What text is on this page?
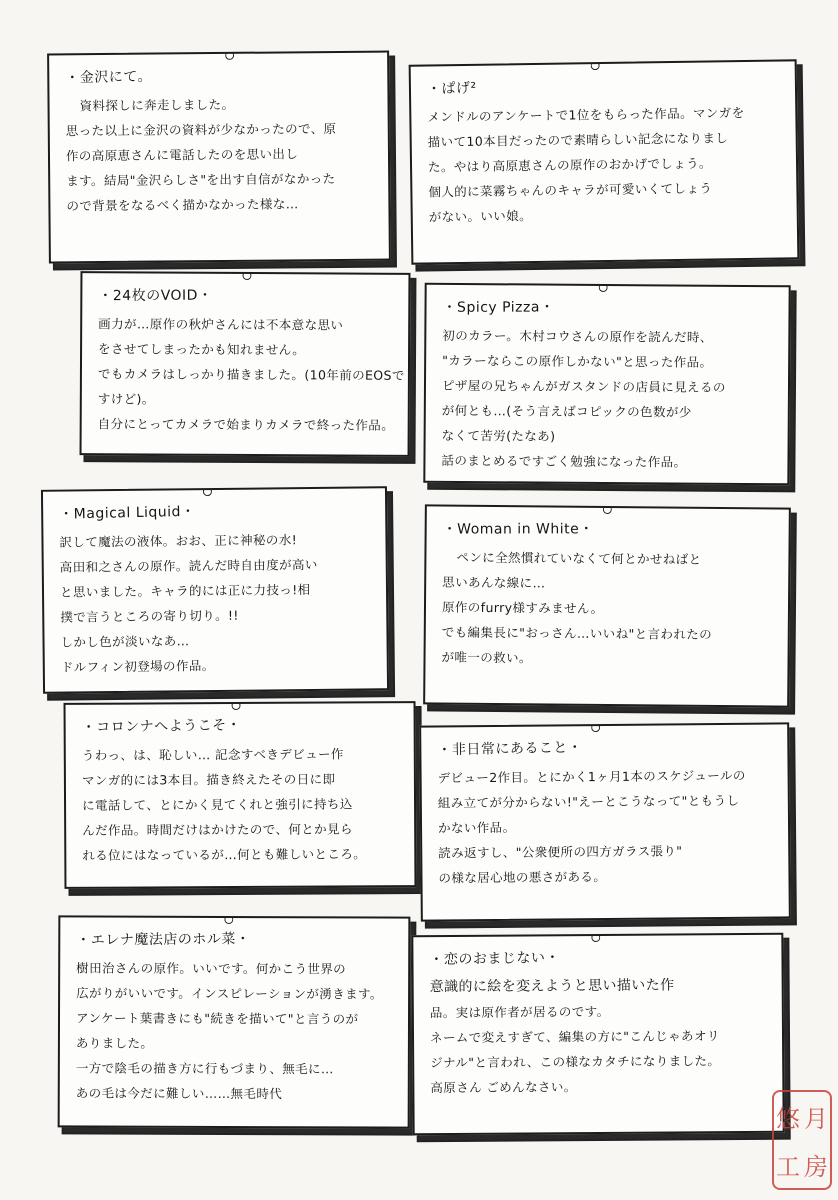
・金沢にて。

資料探しに奔走しました。

思った以上に金沢の資料が少なかったので、原

作の高原恵さんに電話したのを思い出し

ます。結局"金沢らしさ"を出す自信がなかった

ので背景をなるべく描かなかった様な…

・ぱげ²

メンドルのアンケートで1位をもらった作品。マンガを

描いて10本目だったので素晴らしい記念になりまし

た。やはり高原恵さんの原作のおかげでしょう。

個人的に菜霧ちゃんのキャラが可愛いくてしょう

がない。いい娘。

・24枚のVOID・

画力が…原作の秋炉さんには不本意な思い

をさせてしまったかも知れません。

でもカメラはしっかり描きました。(10年前のEOSで

すけど)。

自分にとってカメラで始まりカメラで終った作品。

・Spicy Pizza・

初のカラー。木村コウさんの原作を読んだ時、

"カラーならこの原作しかない"と思った作品。

ピザ屋の兄ちゃんがガスタンドの店員に見えるの

が何とも…(そう言えばコピックの色数が少

なくて苦労(たなあ)

話のまとめるですごく勉強になった作品。

・Magical Liquid・

訳して魔法の液体。おお、正に神秘の水!

高田和之さんの原作。読んだ時自由度が高い

と思いました。キャラ的には正に力技っ!相

撲で言うところの寄り切り。!!

しかし色が淡いなあ…

ドルフィン初登場の作品。

・Woman in White・

ペンに全然慣れていなくて何とかせねばと

思いあんな線に…

原作のfurry様すみません。

でも編集長に"おっさん…いいね"と言われたの

が唯一の救い。

・コロンナへようこそ・

うわっ、は、恥しい… 記念すべきデビュー作

マンガ的には3本目。描き終えたその日に即

に電話して、とにかく見てくれと強引に持ち込

んだ作品。時間だけはかけたので、何とか見ら

れる位にはなっているが…何とも難しいところ。

・非日常にあること・

デビュー2作目。とにかく1ヶ月1本のスケジュールの

組み立てが分からない!"えーとこうなって"ともうし

かない作品。

読み返すし、"公衆便所の四方ガラス張り"

の様な居心地の悪さがある。

・エレナ魔法店のホル菜・

樹田治さんの原作。いいです。何かこう世界の

広がりがいいです。インスピレーションが湧きます。

アンケート葉書きにも"続きを描いて"と言うのが

ありました。

一方で陰毛の描き方に行もづまり、無毛に…

あの毛は今だに難しい……無毛時代

・恋のおまじない・

意識的に絵を変えようと思い描いた作

品。実は原作者が居るのです。

ネームで変えすぎて、編集の方に"こんじゃあオリ

ジナル"と言われ、この様なカタチになりました。

高原さん ごめんなさい。

悠 月
工 房
